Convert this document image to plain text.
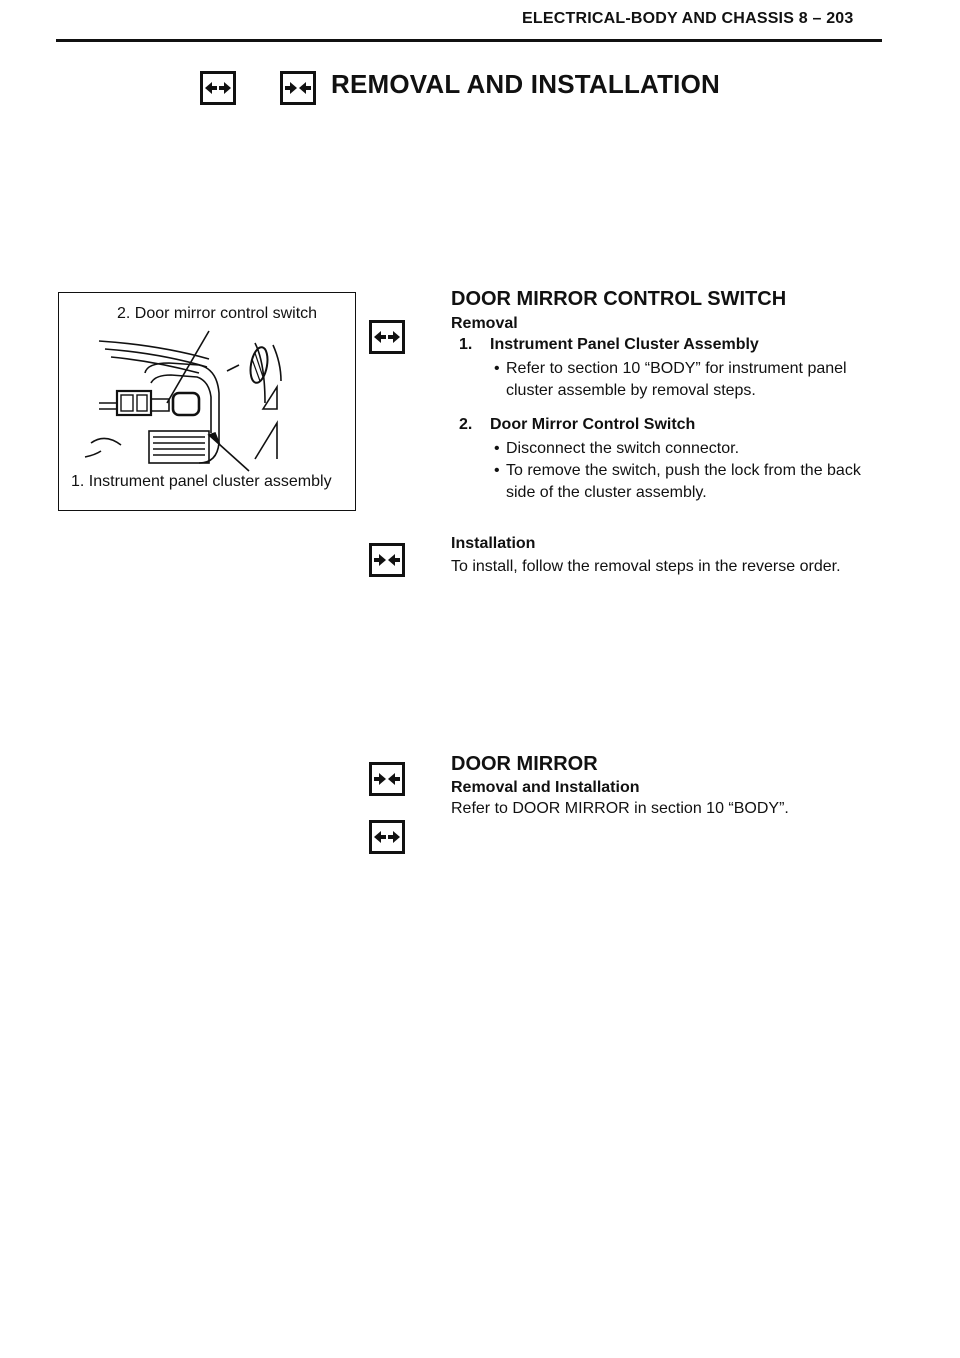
ELECTRICAL-BODY AND CHASSIS 8 – 203
REMOVAL AND INSTALLATION
2. Door mirror control switch
1. Instrument panel cluster assembly
DOOR MIRROR CONTROL SWITCH
Removal
1. Instrument Panel Cluster Assembly
• Refer to section 10 “BODY” for instrument panel
cluster assemble by removal steps.
2. Door Mirror Control Switch
• Disconnect the switch connector.
• To remove the switch, push the lock from the back
side of the cluster assembly.
Installation
To install, follow the removal steps in the reverse order.
DOOR MIRROR
Removal and Installation
Refer to DOOR MIRROR in section 10 “BODY”.
